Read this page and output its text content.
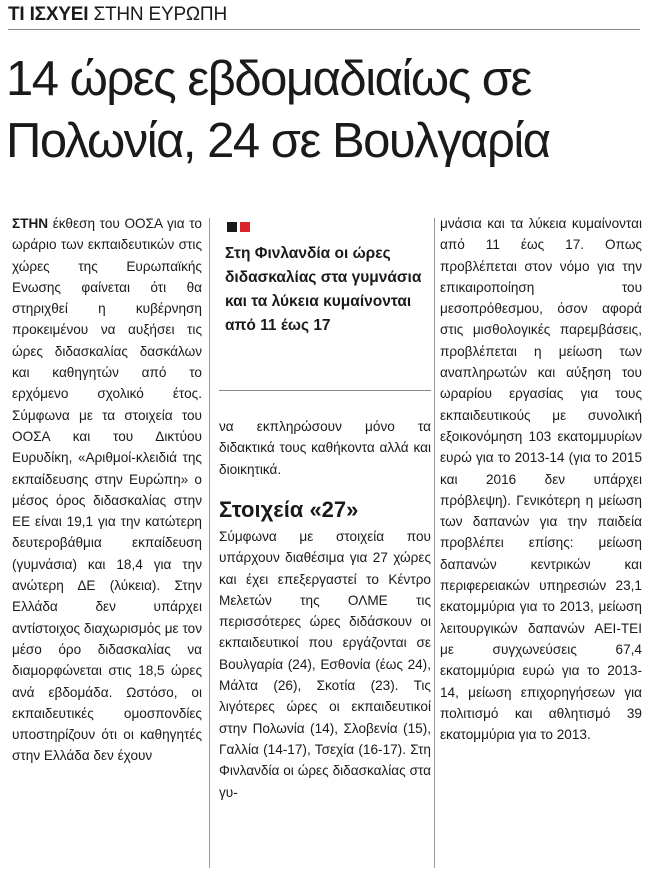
ΤΙ ΙΣΧΥΕΙ ΣΤΗΝ ΕΥΡΩΠΗ
14 ώρες εβδομαδιαίως σε Πολωνία, 24 σε Βουλγαρία
ΣΤΗΝ έκθεση του ΟΟΣΑ για το ωράριο των εκπαιδευτικών στις χώρες της Ευρωπαϊκής Ενωσης φαίνεται ότι θα στηριχθεί η κυβέρνηση προκειμένου να αυξήσει τις ώρες διδασκαλίας δασκάλων και καθηγητών από το ερχόμενο σχολικό έτος. Σύμφωνα με τα στοιχεία του ΟΟΣΑ και του Δικτύου Ευρυδίκη, «Αριθμοί-κλειδιά της εκπαίδευσης στην Ευρώπη» ο μέσος όρος διδασκαλίας στην ΕΕ είναι 19,1 για την κατώτερη δευτεροβάθμια εκπαίδευση (γυμνάσια) και 18,4 για την ανώτερη ΔΕ (λύκεια). Στην Ελλάδα δεν υπάρχει αντίστοιχος διαχωρισμός με τον μέσο όρο διδασκαλίας να διαμορφώνεται στις 18,5 ώρες ανά εβδομάδα. Ωστόσο, οι εκπαιδευτικές ομοσπονδίες υποστηρίζουν ότι οι καθηγητές στην Ελλάδα δεν έχουν
Στη Φινλανδία οι ώρες διδασκαλίας στα γυμνάσια και τα λύκεια κυμαίνονται από 11 έως 17
να εκπληρώσουν μόνο τα διδακτικά τους καθήκοντα αλλά και διοικητικά.
Στοιχεία «27»
Σύμφωνα με στοιχεία που υπάρχουν διαθέσιμα για 27 χώρες και έχει επεξεργαστεί το Κέντρο Μελετών της ΟΛΜΕ τις περισσότερες ώρες διδάσκουν οι εκπαιδευτικοί που εργάζονται σε Βουλγαρία (24), Εσθονία (έως 24), Μάλτα (26), Σκοτία (23). Τις λιγότερες ώρες οι εκπαιδευτικοί στην Πολωνία (14), Σλοβενία (15), Γαλλία (14-17), Τσεχία (16-17). Στη Φινλανδία οι ώρες διδασκαλίας στα γυ-
μνάσια και τα λύκεια κυμαίνονται από 11 έως 17. Οπως προβλέπεται στον νόμο για την επικαιροποίηση του μεσοπρόθεσμου, όσον αφορά στις μισθολογικές παρεμβάσεις, προβλέπεται η μείωση των αναπληρωτών και αύξηση του ωραρίου εργασίας για τους εκπαιδευτικούς με συνολική εξοικονόμηση 103 εκατομμυρίων ευρώ για το 2013-14 (για το 2015 και 2016 δεν υπάρχει πρόβλεψη). Γενικότερη η μείωση των δαπανών για την παιδεία προβλέπει επίσης: μείωση δαπανών κεντρικών και περιφερειακών υπηρεσιών 23,1 εκατομμύρια για το 2013, μείωση λειτουργικών δαπανών ΑΕΙ-ΤΕΙ με συγχωνεύσεις 67,4 εκατομμύρια ευρώ για το 2013-14, μείωση επιχορηγήσεων για πολιτισμό και αθλητισμό 39 εκατομμύρια για το 2013.
